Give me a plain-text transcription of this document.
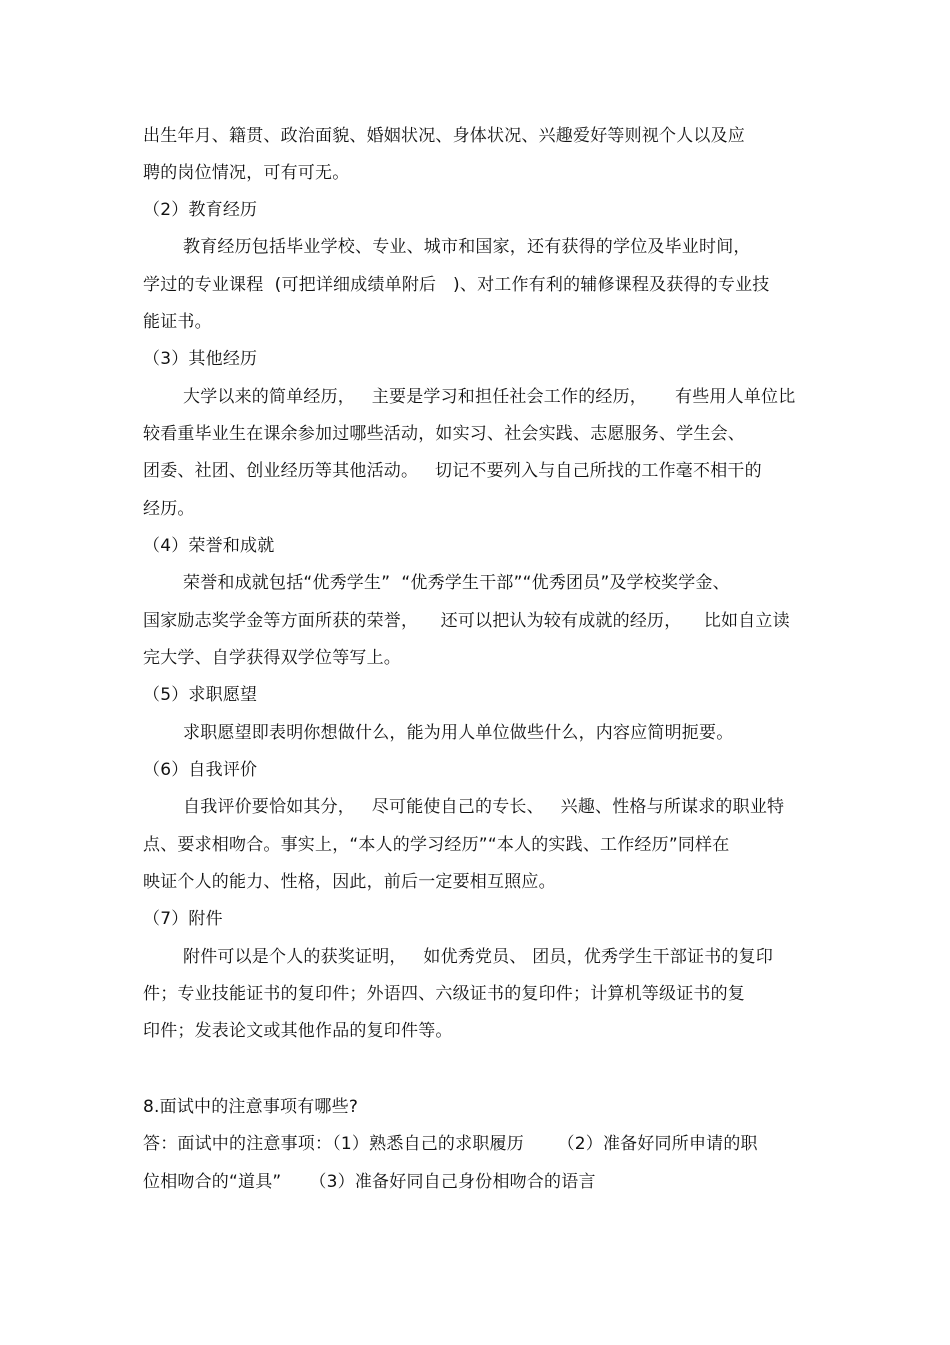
出生年月、籍贯、政治面貌、婚姻状况、身体状况、兴趣爱好等则视个人以及应
聘的岗位情况，可有可无。
（2）教育经历
教育经历包括毕业学校、专业、城市和国家，还有获得的学位及毕业时间，
学过的专业课程  (可把详细成绩单附后   )、对工作有利的辅修课程及获得的专业技
能证书。
（3）其他经历
大学以来的简单经历，   主要是学习和担任社会工作的经历，     有些用人单位比
较看重毕业生在课余参加过哪些活动，如实习、社会实践、志愿服务、学生会、
团委、社团、创业经历等其他活动。   切记不要列入与自己所找的工作毫不相干的
经历。
（4）荣誉和成就
荣誉和成就包括“优秀学生”  “优秀学生干部”“优秀团员”及学校奖学金、
国家励志奖学金等方面所获的荣誉，    还可以把认为较有成就的经历，    比如自立读
完大学、自学获得双学位等写上。
（5）求职愿望
求职愿望即表明你想做什么，能为用人单位做些什么，内容应简明扼要。
（6）自我评价
自我评价要恰如其分，   尽可能使自己的专长、   兴趣、性格与所谋求的职业特
点、要求相吻合。事实上，“本人的学习经历”“本人的实践、工作经历”同样在
映证个人的能力、性格，因此，前后一定要相互照应。
（7）附件
附件可以是个人的获奖证明，   如优秀党员、 团员，优秀学生干部证书的复印
件；专业技能证书的复印件；外语四、六级证书的复印件；计算机等级证书的复
印件；发表论文或其他作品的复印件等。
8.面试中的注意事项有哪些?
答：面试中的注意事项：（1）熟悉自己的求职履历      （2）准备好同所申请的职
位相吻合的“道具”     （3）准备好同自己身份相吻合的语言
